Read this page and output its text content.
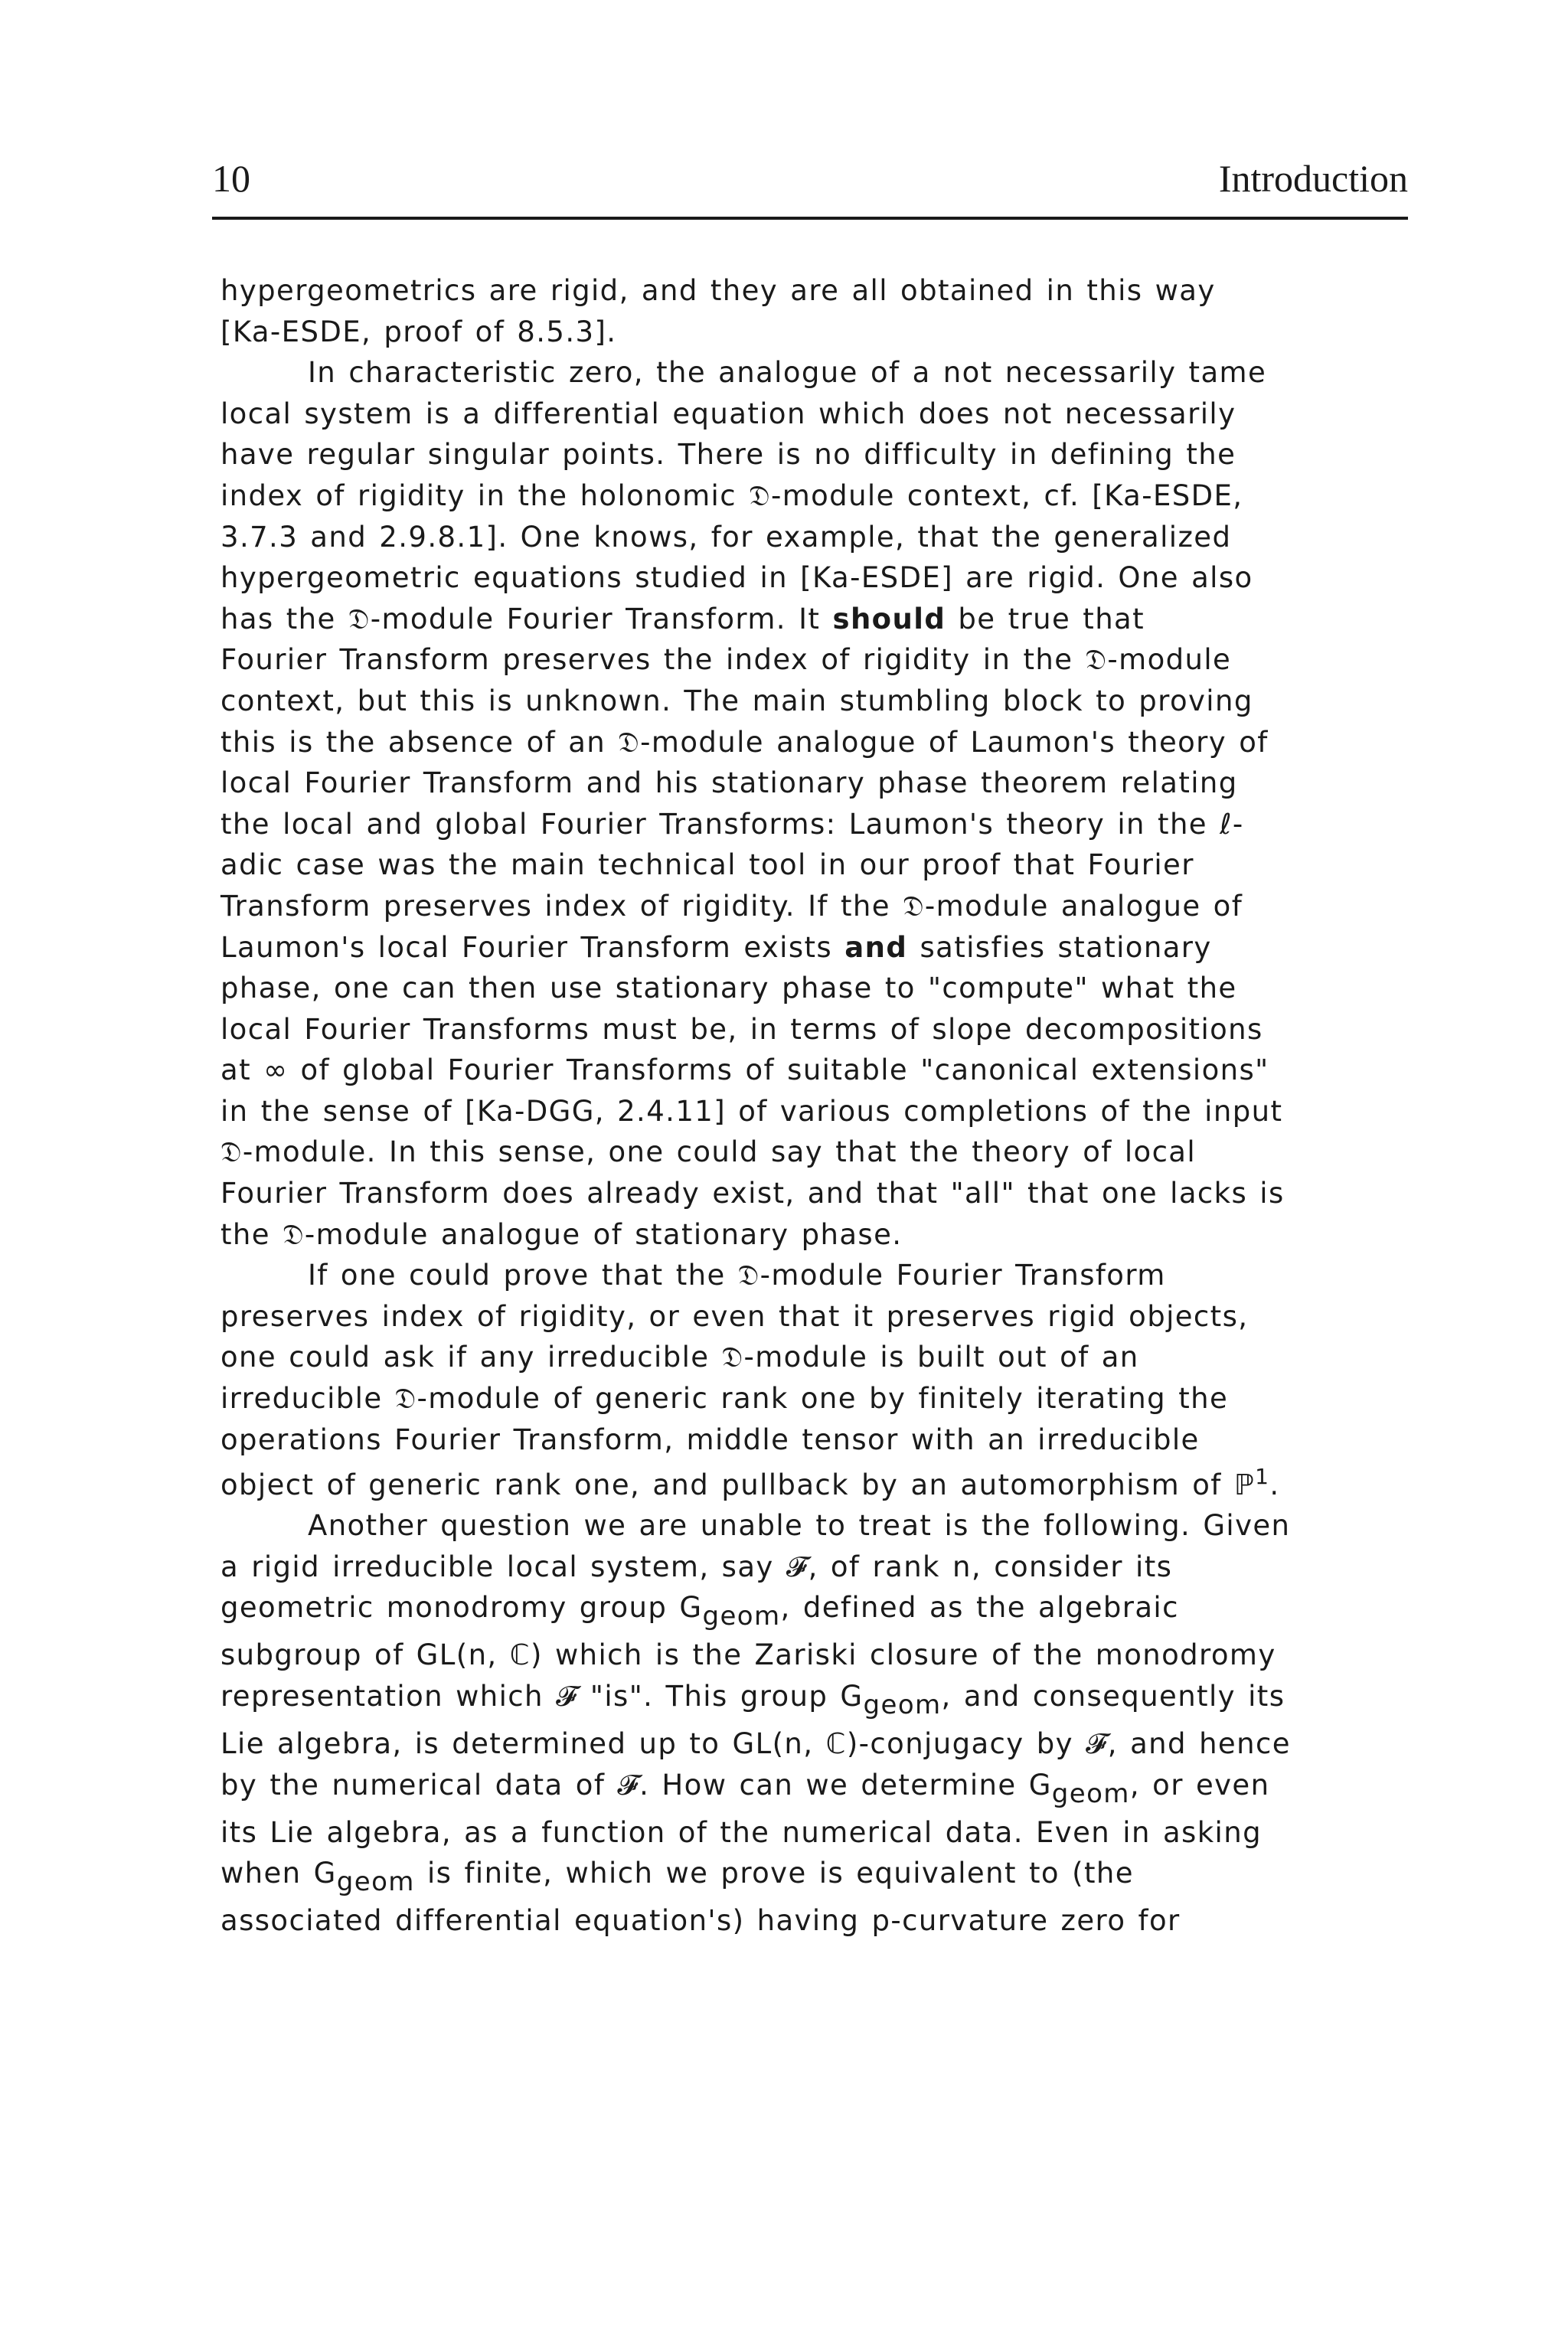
10	Introduction
hypergeometrics are rigid, and they are all obtained in this way
[Ka-ESDE, proof of 8.5.3].
In characteristic zero, the analogue of a not necessarily tame
local system is a differential equation which does not necessarily
have regular singular points. There is no difficulty in defining the
index of rigidity in the holonomic 𝔇-module context, cf. [Ka-ESDE,
3.7.3 and 2.9.8.1]. One knows, for example, that the generalized
hypergeometric equations studied in [Ka-ESDE] are rigid. One also
has the 𝔇-module Fourier Transform. It should be true that
Fourier Transform preserves the index of rigidity in the 𝔇-module
context, but this is unknown. The main stumbling block to proving
this is the absence of an 𝔇-module analogue of Laumon's theory of
local Fourier Transform and his stationary phase theorem relating
the local and global Fourier Transforms: Laumon's theory in the ℓ-
adic case was the main technical tool in our proof that Fourier
Transform preserves index of rigidity. If the 𝔇-module analogue of
Laumon's local Fourier Transform exists and satisfies stationary
phase, one can then use stationary phase to "compute" what the
local Fourier Transforms must be, in terms of slope decompositions
at ∞ of global Fourier Transforms of suitable "canonical extensions"
in the sense of [Ka-DGG, 2.4.11] of various completions of the input
𝔇-module. In this sense, one could say that the theory of local
Fourier Transform does already exist, and that "all" that one lacks is
the 𝔇-module analogue of stationary phase.
If one could prove that the 𝔇-module Fourier Transform
preserves index of rigidity, or even that it preserves rigid objects,
one could ask if any irreducible 𝔇-module is built out of an
irreducible 𝔇-module of generic rank one by finitely iterating the
operations Fourier Transform, middle tensor with an irreducible
object of generic rank one, and pullback by an automorphism of ℙ$^1$.
Another question we are unable to treat is the following. Given
a rigid irreducible local system, say 𝓕, of rank n, consider its
geometric monodromy group $G_{geom}$, defined as the algebraic
subgroup of GL(n, ℂ) which is the Zariski closure of the monodromy
representation which 𝓕 "is". This group $G_{geom}$, and consequently its
Lie algebra, is determined up to GL(n, ℂ)-conjugacy by 𝓕, and hence
by the numerical data of 𝓕. How can we determine $G_{geom}$, or even
its Lie algebra, as a function of the numerical data. Even in asking
when $G_{geom}$ is finite, which we prove is equivalent to (the
associated differential equation's) having p-curvature zero for
